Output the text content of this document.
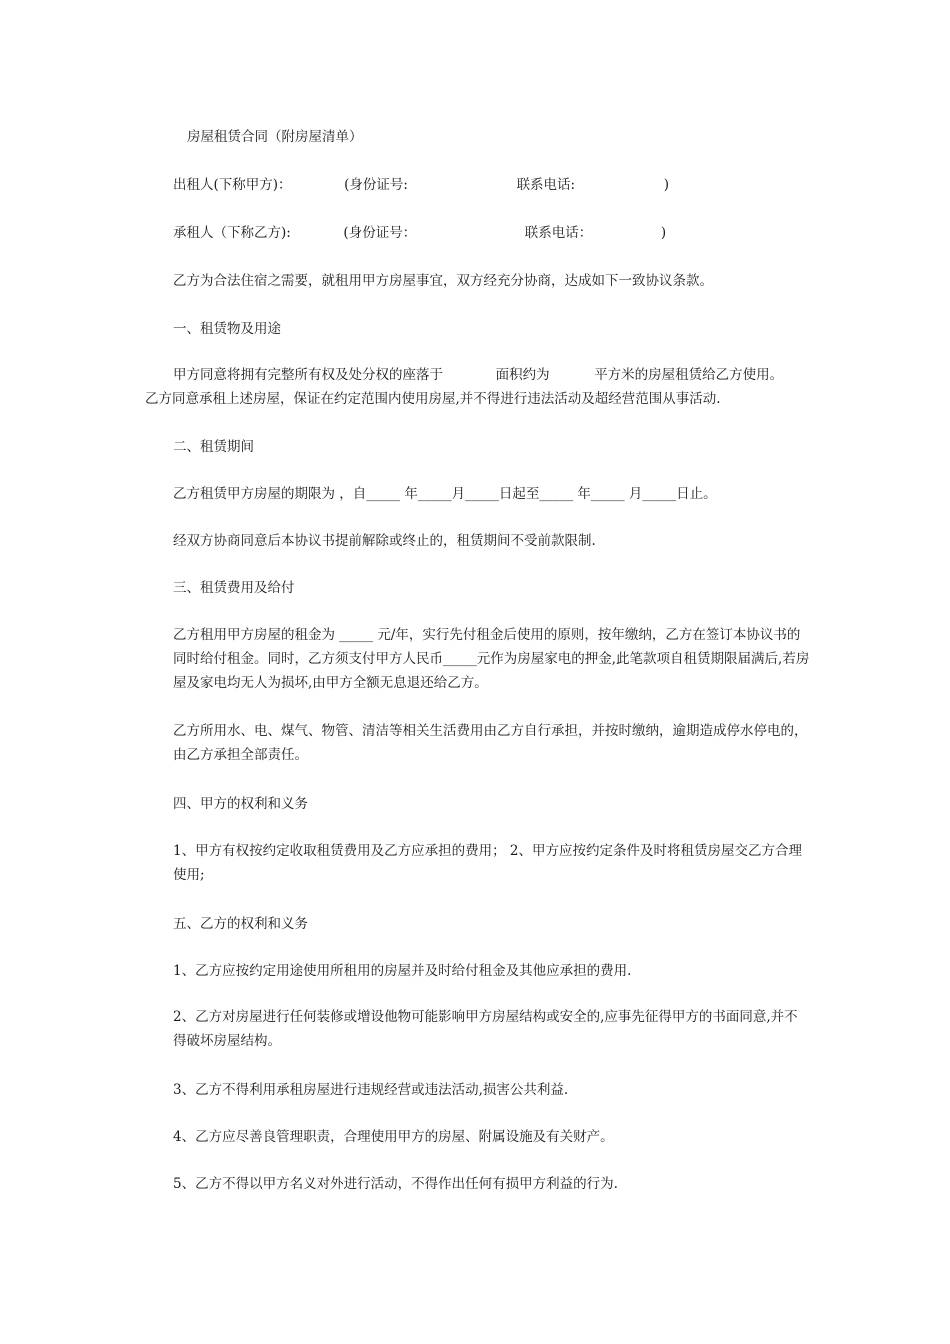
房屋租赁合同（附房屋清单）
出租人(下称甲方)：	(身份证号:	联系电话:	)
承租人（下称乙方):	(身份证号：	联系电话：	)
乙方为合法住宿之需要，就租用甲方房屋事宜，双方经充分协商，达成如下一致协议条款。
一、租赁物及用途
甲方同意将拥有完整所有权及处分权的座落于	面积约为	平方米的房屋租赁给乙方使用。
乙方同意承租上述房屋，保证在约定范围内使用房屋,并不得进行违法活动及超经营范围从事活动.
二、租赁期间
乙方租赁甲方房屋的期限为 ，自_____ 年_____月_____日起至_____ 年_____ 月_____日止。
经双方协商同意后本协议书提前解除或终止的，租赁期间不受前款限制.
三、租赁费用及给付
乙方租用甲方房屋的租金为 _____ 元/年，实行先付租金后使用的原则，按年缴纳，乙方在签订本协议书的同时给付租金。同时，乙方须支付甲方人民币_____元作为房屋家电的押金,此笔款项自租赁期限届满后,若房屋及家电均无人为损坏,由甲方全额无息退还给乙方。
乙方所用水、电、煤气、物管、清洁等相关生活费用由乙方自行承担，并按时缴纳，逾期造成停水停电的，由乙方承担全部责任。
四、甲方的权利和义务
1、甲方有权按约定收取租赁费用及乙方应承担的费用； 2、甲方应按约定条件及时将租赁房屋交乙方合理使用;
五、乙方的权利和义务
1、乙方应按约定用途使用所租用的房屋并及时给付租金及其他应承担的费用.
2、乙方对房屋进行任何装修或增设他物可能影响甲方房屋结构或安全的,应事先征得甲方的书面同意,并不得破坏房屋结构。
3、乙方不得利用承租房屋进行违规经营或违法活动,损害公共利益.
4、乙方应尽善良管理职责，合理使用甲方的房屋、附属设施及有关财产。
5、乙方不得以甲方名义对外进行活动，不得作出任何有损甲方利益的行为.
